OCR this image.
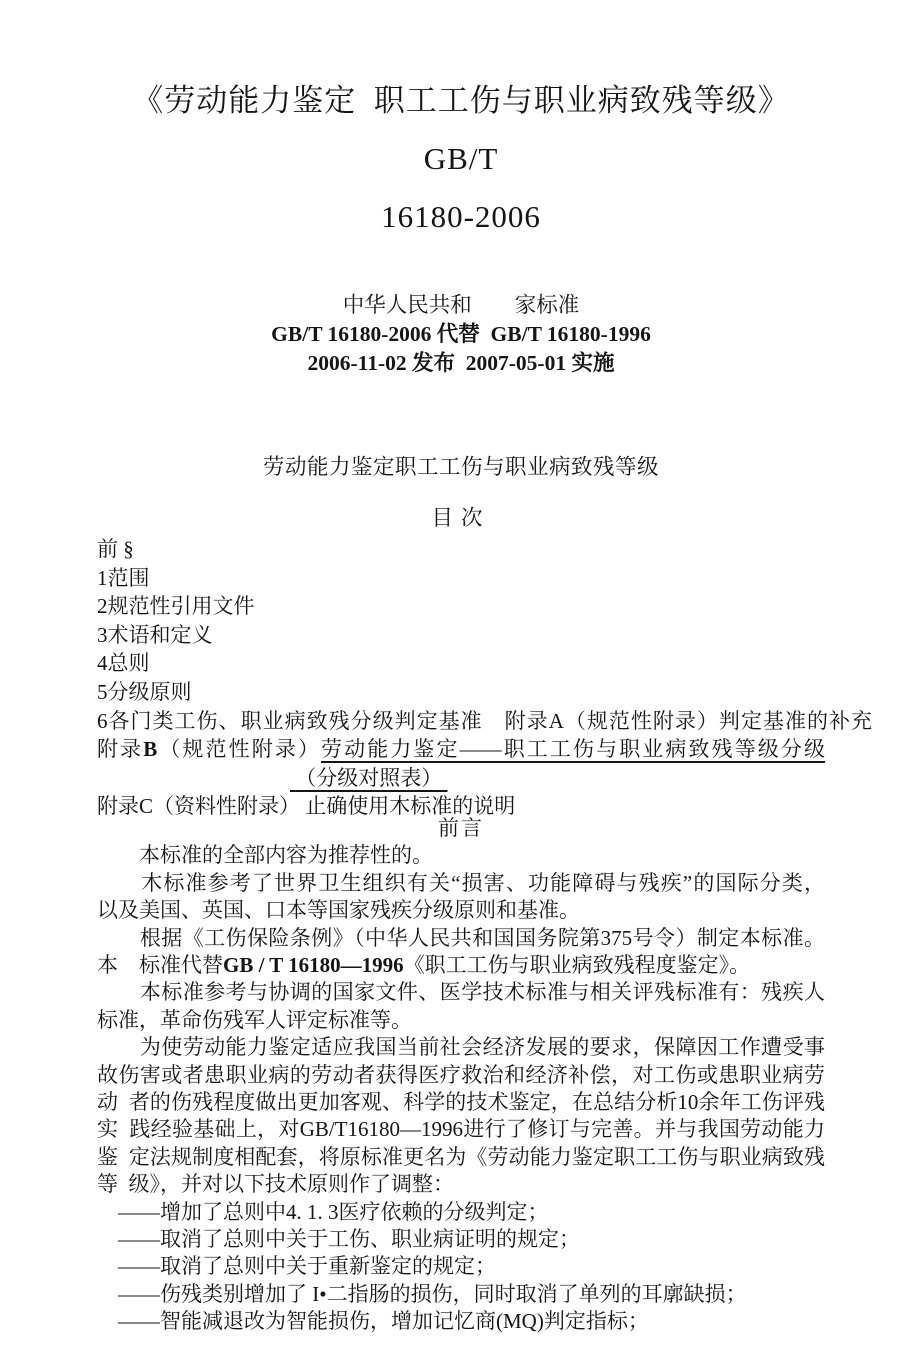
《劳动能力鉴定  职工工伤与职业病致残等级》GB/T
16180-2006
中华人民共和　　家标准
GB/T 16180-2006 代替  GB/T 16180-1996
2006-11-02 发布  2007-05-01 实施
劳动能力鉴定职工工伤与职业病致残等级
目次
前 §
1范围
2规范性引用文件
3术语和定义
4总则
5分级原则
6各门类工伤、职业病致残分级判定基准　附录A（规范性附录）判定基准的补充
附录B（规范性附录）劳动能力鉴定——职工工伤与职业病致残等级分级
（分级对照表）
附录C（资料性附录） 止确使用木标准的说明
前言
　　本标准的全部内容为推荐性的。
　　木标准参考了世界卫生组织有关“损害、功能障碍与残疾”的国际分类，
以及美国、英国、口本等国家残疾分级原则和基准。
　　根据《工伤保险条例》（中华人民共和国国务院第375号令）制定本标准。
本　标准代替GB / T 16180—1996《职工工伤与职业病致残程度鉴定》。
　　本标准参考与协调的国家文件、医学技术标准与相关评残标准有：残疾人
标准，革命伤残军人评定标准等。
　　为使劳动能力鉴定适应我国当前社会经济发展的要求，保障因工作遭受事
故伤害或者患职业病的劳动者获得医疗救治和经济补偿，对工伤或患职业病劳
动  者的伤残程度做出更加客观、科学的技术鉴定，在总结分析10余年工伤评残
实  践经验基础上，对GB/T16180—1996进行了修订与完善。并与我国劳动能力
鉴  定法规制度相配套，将原标准更名为《劳动能力鉴定职工工伤与职业病致残
等  级》，并对以下技术原则作了调整：
　——增加了总则中4. 1. 3医疗依赖的分级判定；
　——取消了总则中关于工伤、职业病证明的规定；
　——取消了总则中关于重新鉴定的规定；
　——伤残类别增加了 I•二指肠的损伤，同时取消了单列的耳廓缺损；
　——智能减退改为智能损伤，增加记忆商(MQ)判定指标；
